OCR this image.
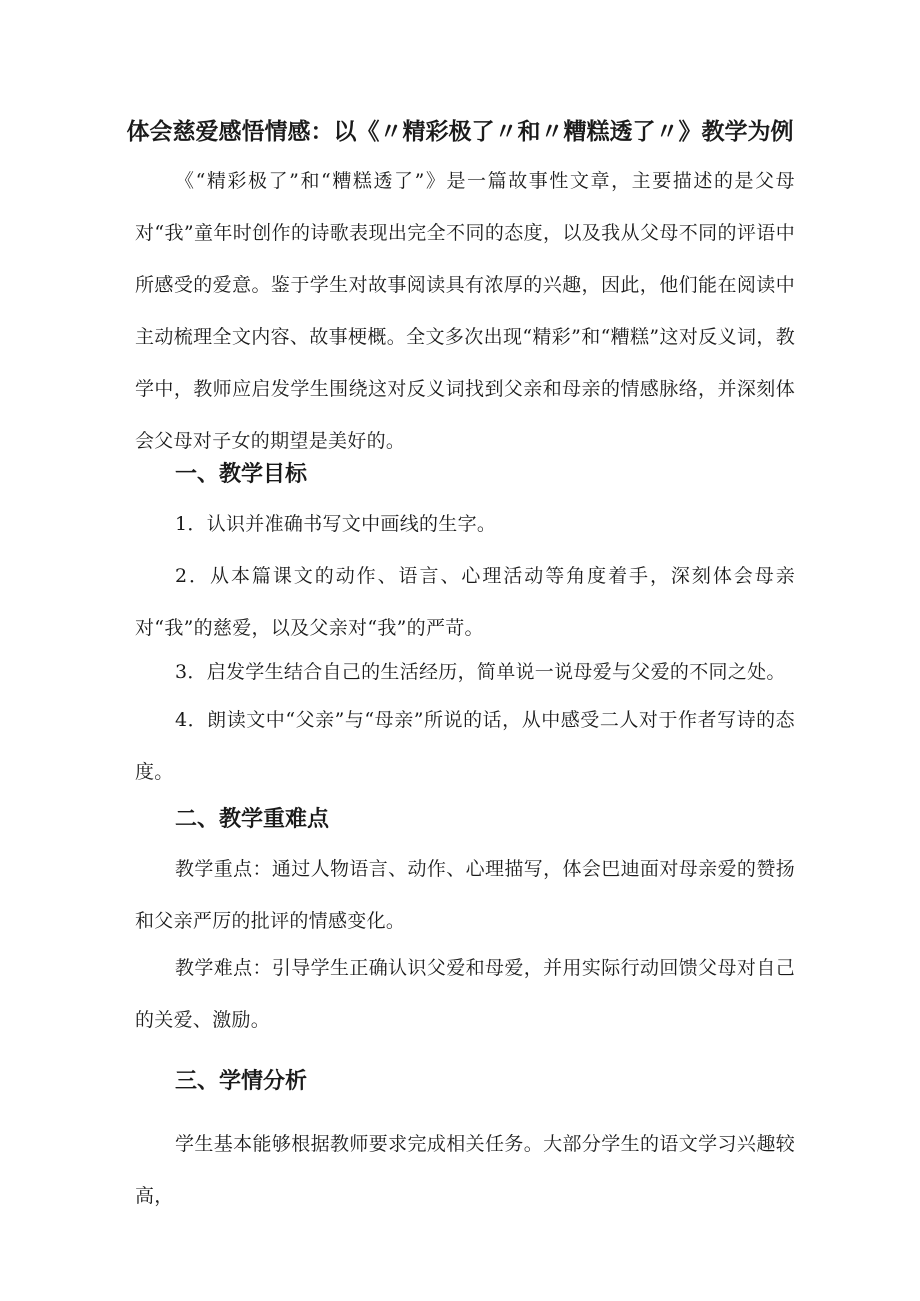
体会慈爱感悟情感：以《〃精彩极了〃和〃糟糕透了〃》教学为例

《“精彩极了”和“糟糕透了”》是一篇故事性文章，主要描述的是父母对“我”童年时创作的诗歌表现出完全不同的态度，以及我从父母不同的评语中所感受的爱意。鉴于学生对故事阅读具有浓厚的兴趣，因此，他们能在阅读中主动梳理全文内容、故事梗概。全文多次出现“精彩”和“糟糕”这对反义词，教学中，教师应启发学生围绕这对反义词找到父亲和母亲的情感脉络，并深刻体会父母对子女的期望是美好的。

一、教学目标

1．认识并准确书写文中画线的生字。

2．从本篇课文的动作、语言、心理活动等角度着手，深刻体会母亲对“我”的慈爱，以及父亲对“我”的严苛。

3．启发学生结合自己的生活经历，简单说一说母爱与父爱的不同之处。

4．朗读文中“父亲”与“母亲”所说的话，从中感受二人对于作者写诗的态度。

二、教学重难点

教学重点：通过人物语言、动作、心理描写，体会巴迪面对母亲爱的赞扬和父亲严厉的批评的情感变化。

教学难点：引导学生正确认识父爱和母爱，并用实际行动回馈父母对自己的关爱、激励。

三、学情分析

学生基本能够根据教师要求完成相关任务。大部分学生的语文学习兴趣较高，
